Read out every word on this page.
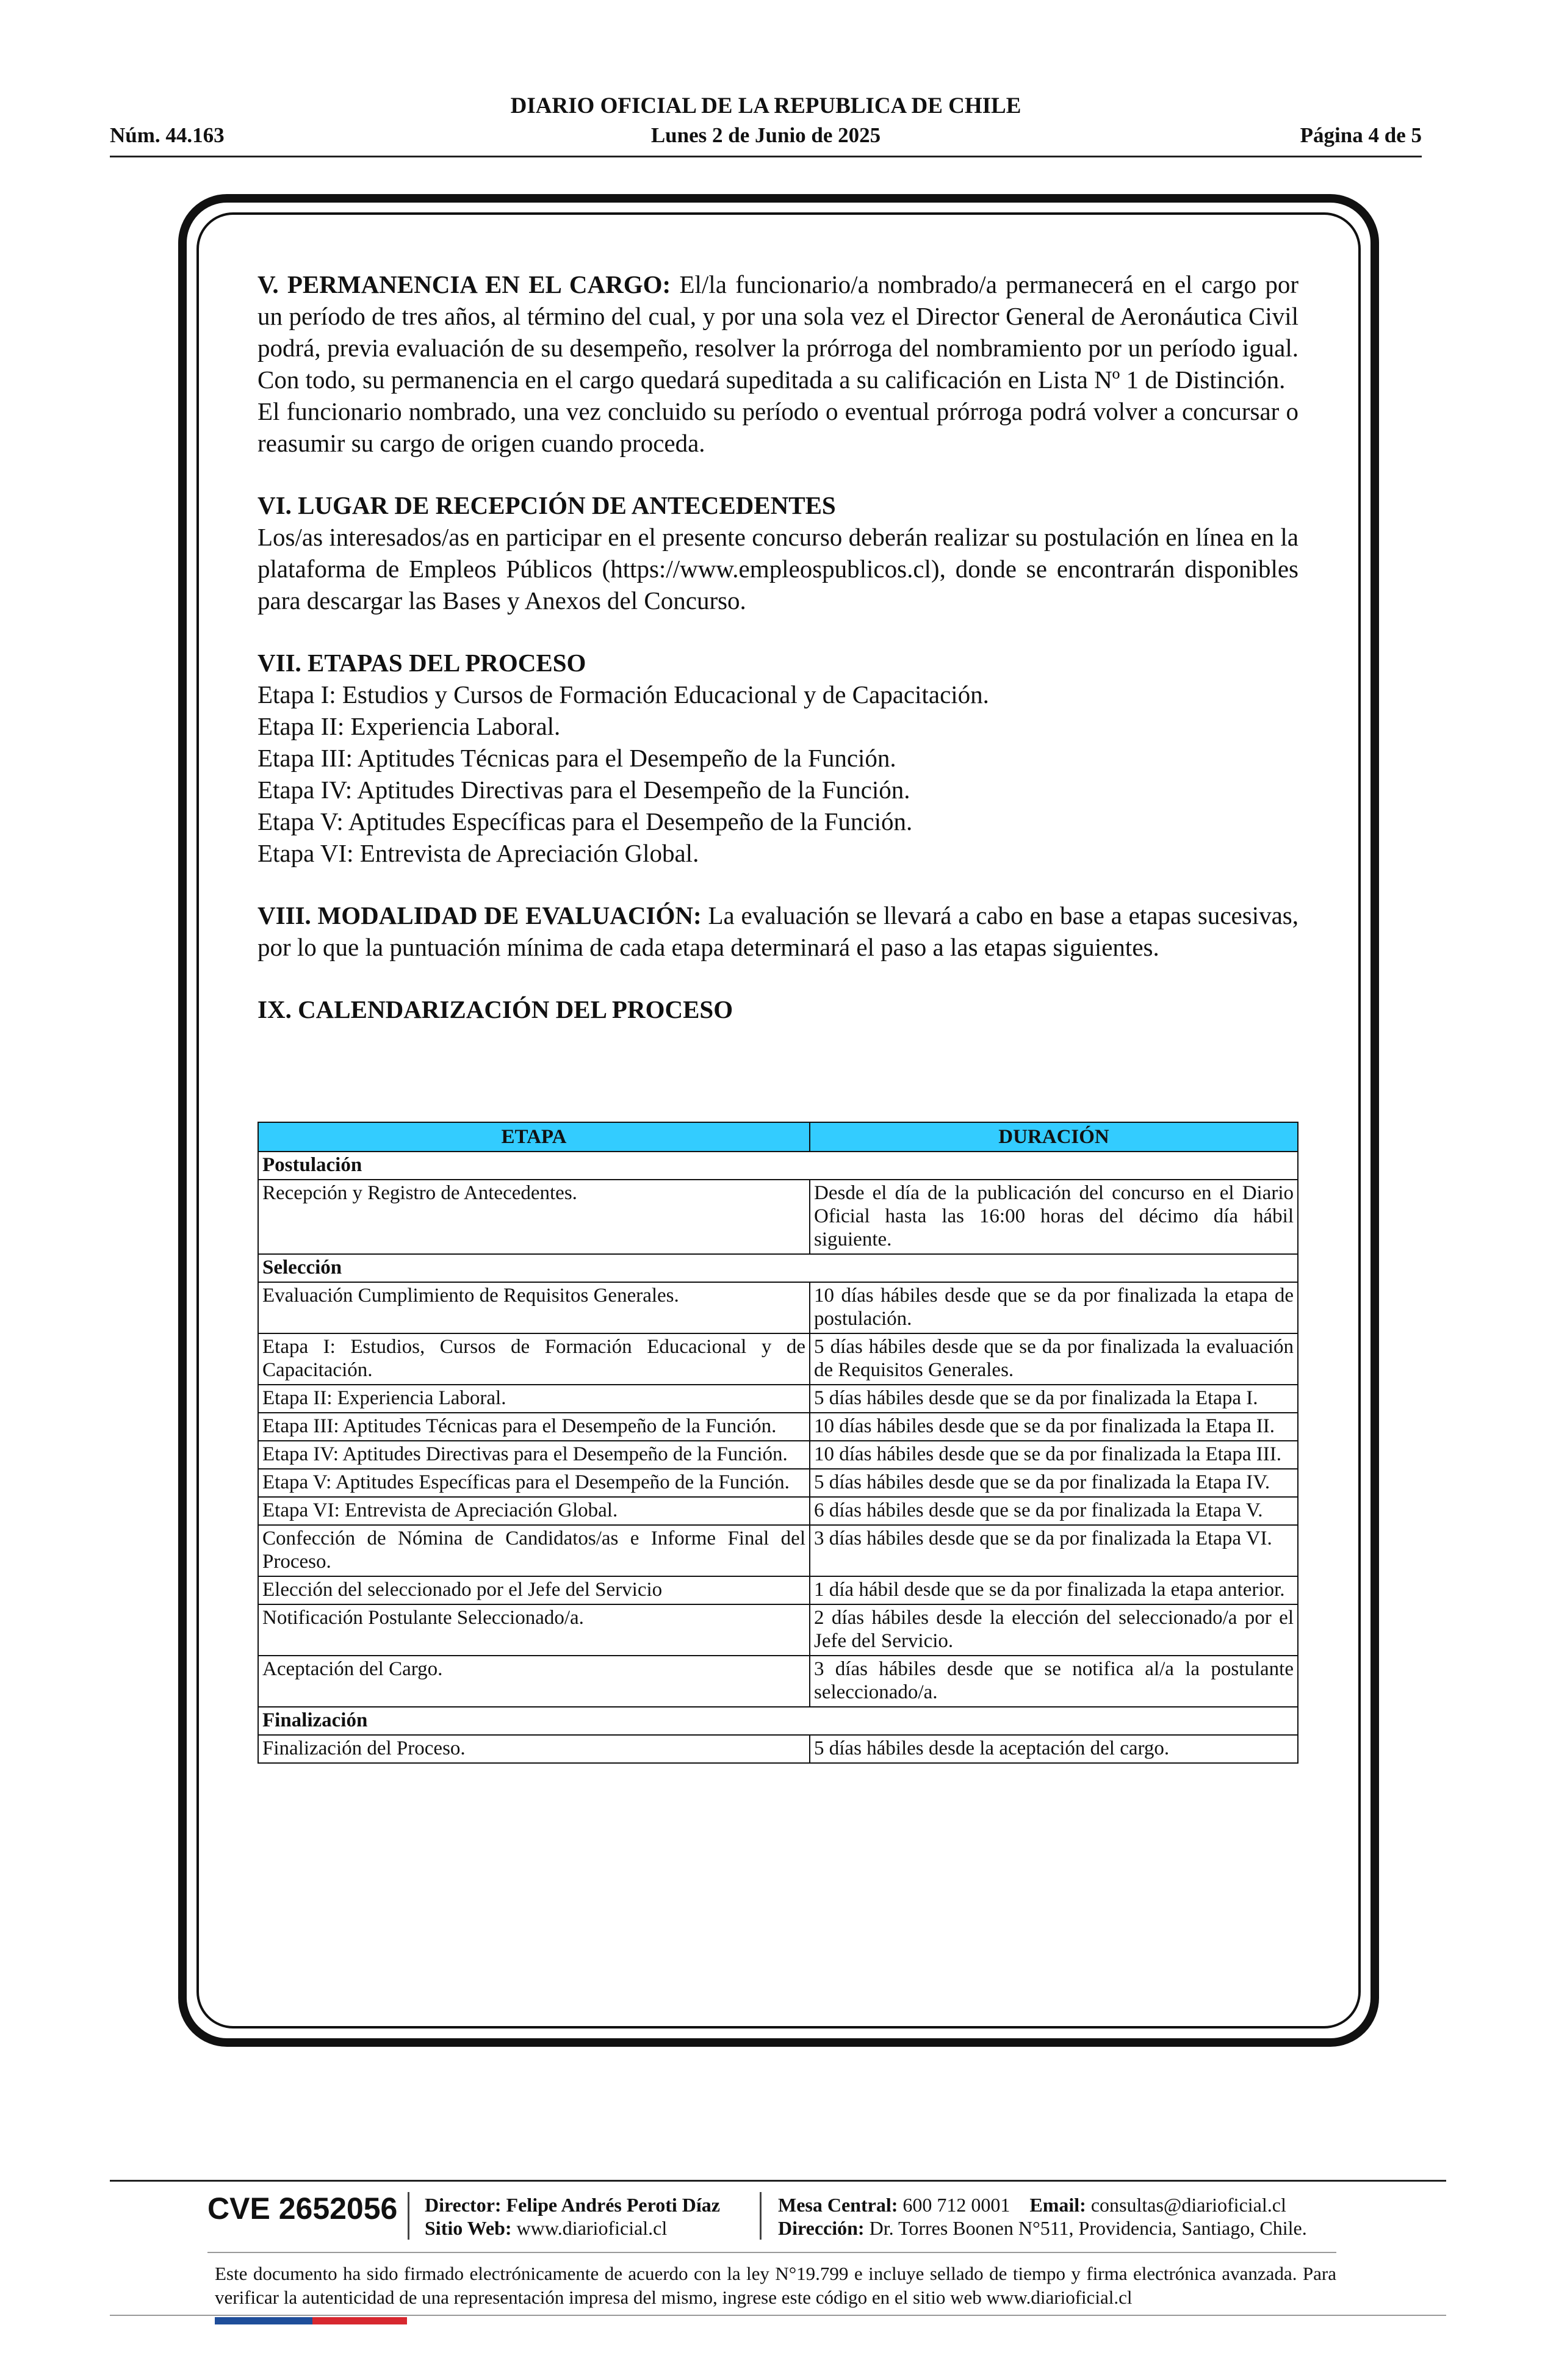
DIARIO OFICIAL DE LA REPUBLICA DE CHILE
Núm. 44.163	Lunes 2 de Junio de 2025	Página 4 de 5

V. PERMANENCIA EN EL CARGO: El/la funcionario/a nombrado/a permanecerá en el cargo por un período de tres años, al término del cual, y por una sola vez el Director General de Aeronáutica Civil podrá, previa evaluación de su desempeño, resolver la prórroga del nombramiento por un período igual. Con todo, su permanencia en el cargo quedará supeditada a su calificación en Lista Nº 1 de Distinción.

El funcionario nombrado, una vez concluido su período o eventual prórroga podrá volver a concursar o reasumir su cargo de origen cuando proceda.

VI. LUGAR DE RECEPCIÓN DE ANTECEDENTES

Los/as interesados/as en participar en el presente concurso deberán realizar su postulación en línea en la plataforma de Empleos Públicos (https://www.empleospublicos.cl), donde se encontrarán disponibles para descargar las Bases y Anexos del Concurso.

VII. ETAPAS DEL PROCESO
Etapa I: Estudios y Cursos de Formación Educacional y de Capacitación.
Etapa II: Experiencia Laboral.
Etapa III: Aptitudes Técnicas para el Desempeño de la Función.
Etapa IV: Aptitudes Directivas para el Desempeño de la Función.
Etapa V: Aptitudes Específicas para el Desempeño de la Función.
Etapa VI: Entrevista de Apreciación Global.

VIII. MODALIDAD DE EVALUACIÓN: La evaluación se llevará a cabo en base a etapas sucesivas, por lo que la puntuación mínima de cada etapa determinará el paso a las etapas siguientes.

IX. CALENDARIZACIÓN DEL PROCESO
ETAPA	DURACIÓN
Postulación	
Recepción y Registro de Antecedentes.	Desde el día de la publicación del concurso en el Diario Oficial hasta las 16:00 horas del décimo día hábil siguiente.
Selección	
Evaluación Cumplimiento de Requisitos Generales.	10 días hábiles desde que se da por finalizada la etapa de postulación.
Etapa I: Estudios, Cursos de Formación Educacional y de Capacitación.	5 días hábiles desde que se da por finalizada la evaluación de Requisitos Generales.
Etapa II: Experiencia Laboral.	5 días hábiles desde que se da por finalizada la Etapa I.
Etapa III: Aptitudes Técnicas para el Desempeño de la Función.	10 días hábiles desde que se da por finalizada la Etapa II.
Etapa IV: Aptitudes Directivas para el Desempeño de la Función.	10 días hábiles desde que se da por finalizada la Etapa III.
Etapa V: Aptitudes Específicas para el Desempeño de la Función.	5 días hábiles desde que se da por finalizada la Etapa IV.
Etapa VI: Entrevista de Apreciación Global.	6 días hábiles desde que se da por finalizada la Etapa V.
Confección de Nómina de Candidatos/as e Informe Final del Proceso.	3 días hábiles desde que se da por finalizada la Etapa VI.
Elección del seleccionado por el Jefe del Servicio	1 día hábil desde que se da por finalizada la etapa anterior.
Notificación Postulante Seleccionado/a.	2 días hábiles desde la elección del seleccionado/a por el Jefe del Servicio.
Aceptación del Cargo.	3 días hábiles desde que se notifica al/a la postulante seleccionado/a.
Finalización	
Finalización del Proceso.	5 días hábiles desde la aceptación del cargo.
CVE 2652056 Director: Felipe Andrés Peroti Díaz
Sitio Web: www.diarioficial.cl
Mesa Central: 600 712 0001 Email: consultas@diarioficial.cl
Dirección: Dr. Torres Boonen N°511, Providencia, Santiago, Chile.
Este documento ha sido firmado electrónicamente de acuerdo con la ley N°19.799 e incluye sellado de tiempo y firma electrónica avanzada. Para verificar la autenticidad de una representación impresa del mismo, ingrese este código en el sitio web www.diarioficial.cl
